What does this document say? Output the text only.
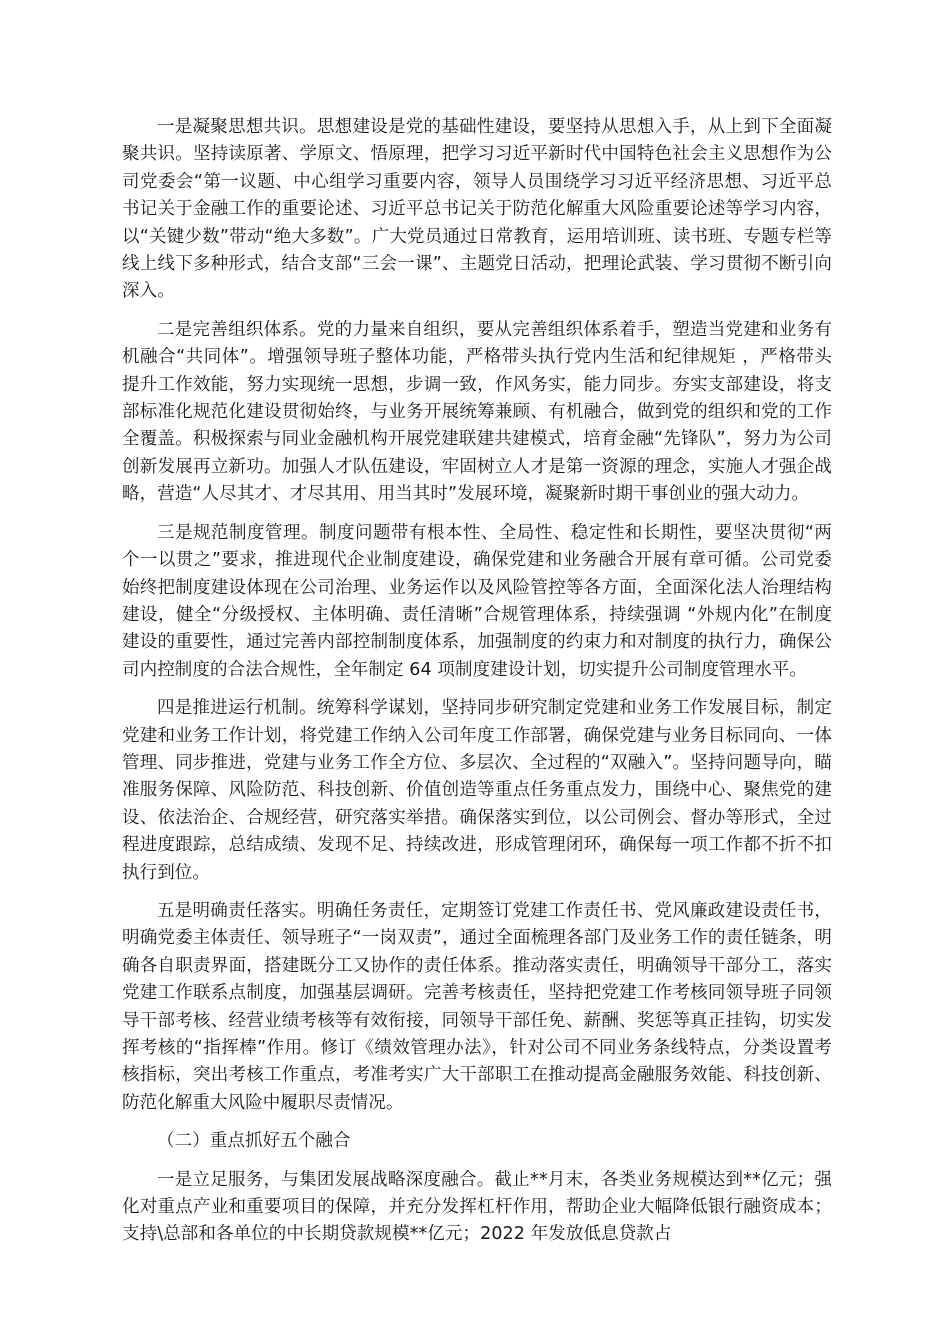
一是凝聚思想共识。思想建设是党的基础性建设，要坚持从思想入手，从上到下全面凝聚共识。坚持读原著、学原文、悟原理，把学习习近平新时代中国特色社会主义思想作为公司党委会“第一议题、中心组学习重要内容，领导人员围绕学习习近平经济思想、习近平总书记关于金融工作的重要论述、习近平总书记关于防范化解重大风险重要论述等学习内容，以“关键少数”带动“绝大多数”。广大党员通过日常教育，运用培训班、读书班、专题专栏等线上线下多种形式，结合支部“三会一课”、主题党日活动，把理论武装、学习贯彻不断引向深入。

二是完善组织体系。党的力量来自组织，要从完善组织体系着手，塑造当党建和业务有机融合“共同体”。增强领导班子整体功能，严格带头执行党内生活和纪律规矩 ，严格带头提升工作效能，努力实现统一思想，步调一致，作风务实，能力同步。夯实支部建设，将支部标准化规范化建设贯彻始终，与业务开展统筹兼顾、有机融合，做到党的组织和党的工作全覆盖。积极探索与同业金融机构开展党建联建共建模式，培育金融“先锋队”，努力为公司创新发展再立新功。加强人才队伍建设，牢固树立人才是第一资源的理念，实施人才强企战略，营造“人尽其才、才尽其用、用当其时”发展环境，凝聚新时期干事创业的强大动力。

三是规范制度管理。制度问题带有根本性、全局性、稳定性和长期性，要坚决贯彻“两个一以贯之”要求，推进现代企业制度建设，确保党建和业务融合开展有章可循。公司党委始终把制度建设体现在公司治理、业务运作以及风险管控等各方面，全面深化法人治理结构建设，健全“分级授权、主体明确、责任清晰”合规管理体系，持续强调 “外规内化”在制度建设的重要性，通过完善内部控制制度体系，加强制度的约束力和对制度的执行力，确保公司内控制度的合法合规性，全年制定 64 项制度建设计划，切实提升公司制度管理水平。

四是推进运行机制。统筹科学谋划，坚持同步研究制定党建和业务工作发展目标，制定党建和业务工作计划，将党建工作纳入公司年度工作部署，确保党建与业务目标同向、一体管理、同步推进，党建与业务工作全方位、多层次、全过程的“双融入”。坚持问题导向，瞄准服务保障、风险防范、科技创新、价值创造等重点任务重点发力，围绕中心、聚焦党的建设、依法治企、合规经营，研究落实举措。确保落实到位，以公司例会、督办等形式，全过程进度跟踪，总结成绩、发现不足、持续改进，形成管理闭环，确保每一项工作都不折不扣执行到位。

五是明确责任落实。明确任务责任，定期签订党建工作责任书、党风廉政建设责任书，明确党委主体责任、领导班子“一岗双责”，通过全面梳理各部门及业务工作的责任链条，明确各自职责界面，搭建既分工又协作的责任体系。推动落实责任，明确领导干部分工，落实党建工作联系点制度，加强基层调研。完善考核责任，坚持把党建工作考核同领导班子同领导干部考核、经营业绩考核等有效衔接，同领导干部任免、薪酬、奖惩等真正挂钩，切实发挥考核的“指挥棒”作用。修订《绩效管理办法》，针对公司不同业务条线特点，分类设置考核指标，突出考核工作重点，考准考实广大干部职工在推动提高金融服务效能、科技创新、防范化解重大风险中履职尽责情况。

（二）重点抓好五个融合

一是立足服务，与集团发展战略深度融合。截止**月末，各类业务规模达到**亿元；强化对重点产业和重要项目的保障，并充分发挥杠杆作用，帮助企业大幅降低银行融资成本；支持\总部和各单位的中长期贷款规模**亿元；2022 年发放低息贷款占
